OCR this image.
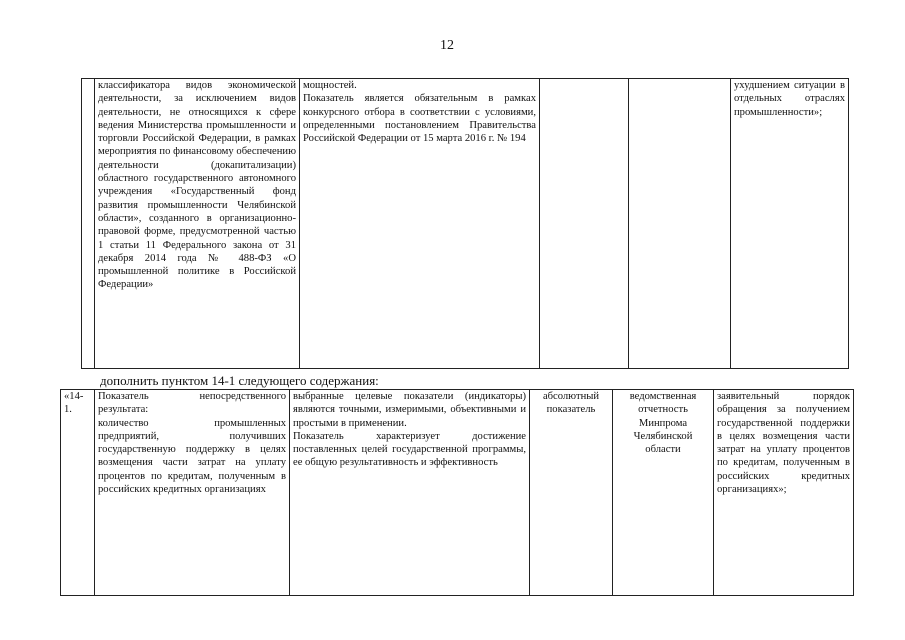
12
	классификатора видов экономической деятельности, за исключением видов деятельности, не относящихся к сфере ведения Министерства промышленности и торговли Российской Федерации, в рамках мероприятия по финансовому обеспечению деятельности (докапитализации) областного государственного автономного учреждения «Государственный фонд развития промышленности Челябинской области», созданного в организационно-правовой форме, предусмотренной частью 1 статьи 11 Федерального закона от 31 декабря 2014 года № 488-ФЗ «О промышленной политике в Российской Федерации»	мощностей.
Показатель является обязательным в рамках конкурсного отбора в соответствии с условиями, определенными постановлением Правительства Российской Федерации от 15 марта 2016 г. № 194			ухудшением ситуации в отдельных отраслях промышленности»;
дополнить пунктом 14-1 следующего содержания:
«14-1.	Показатель непосредственного результата:
количество промышленных предприятий, получивших государственную поддержку в целях возмещения части затрат на уплату процентов по кредитам, полученным в российских кредитных организациях	выбранные целевые показатели (индикаторы) являются точными, измеримыми, объективными и простыми в применении.
Показатель характеризует достижение поставленных целей государственной программы, ее общую результативность и эффективность	абсолютный показатель	ведомственная отчетность Минпрома Челябинской области	заявительный порядок обращения за получением государственной поддержки в целях возмещения части затрат на уплату процентов по кредитам, полученным в российских кредитных организациях»;
